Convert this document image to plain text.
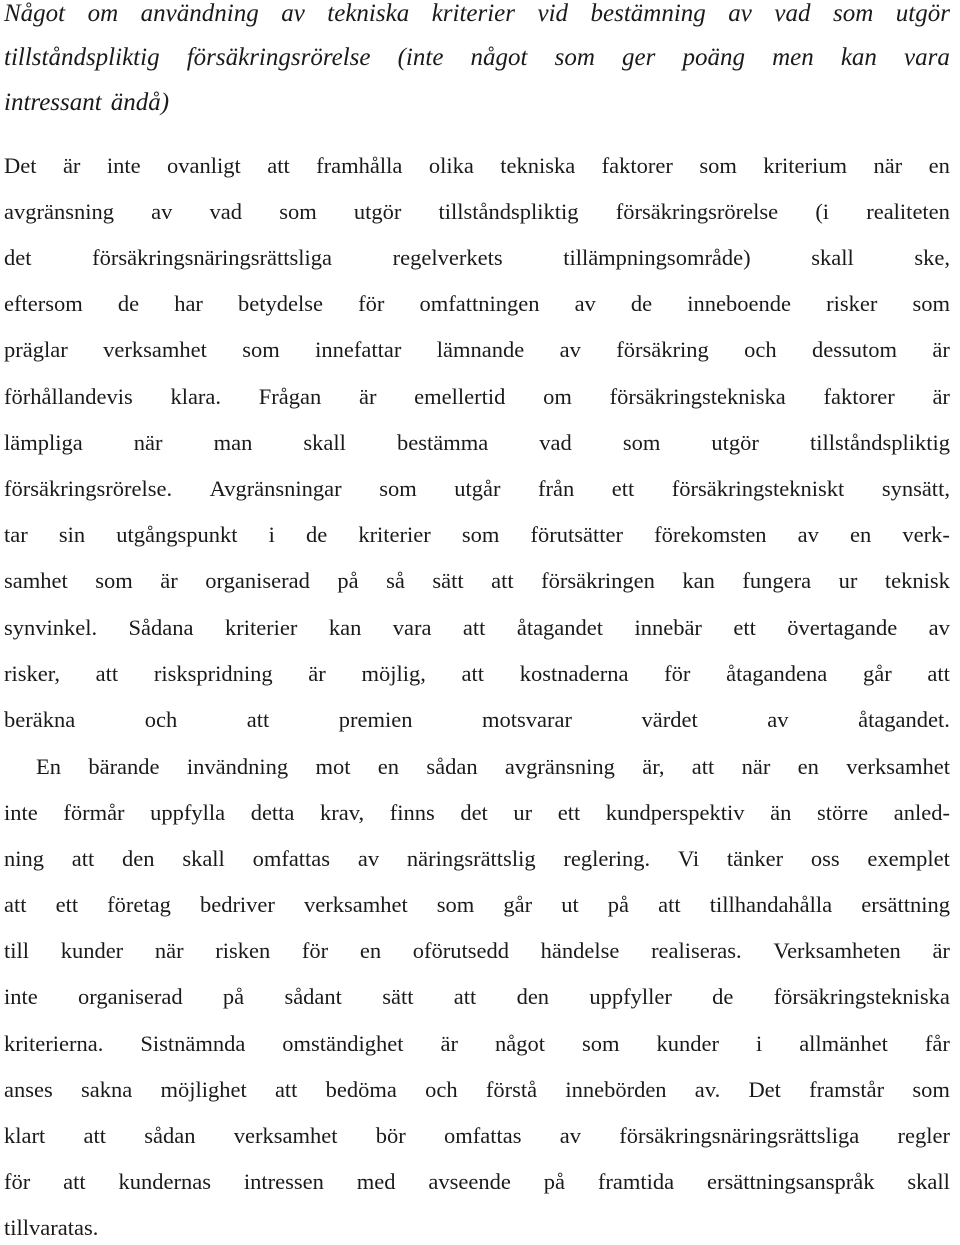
Något om användning av tekniska kriterier vid bestämning av vad som utgör
tillståndspliktig försäkringsrörelse (inte något som ger poäng men kan vara
intressant ändå)
Det är inte ovanligt att framhålla olika tekniska faktorer som kriterium när en
avgränsning av vad som utgör tillståndspliktig försäkringsrörelse (i realiteten
det	försäkringsnäringsrättsliga	regelverkets	tillämpningsområde)	skall	ske,
eftersom de har betydelse för omfattningen av de inneboende risker som
präglar verksamhet som innefattar lämnande av försäkring och dessutom är
förhållandevis klara. Frågan är emellertid om försäkringstekniska faktorer är
lämpliga när man skall bestämma vad som utgör tillståndspliktig
försäkringsrörelse. Avgränsningar som utgår från ett försäkringstekniskt synsätt,
tar sin utgångspunkt i de kriterier som förutsätter förekomsten av en verk-
samhet som är organiserad på så sätt att försäkringen kan fungera ur teknisk
synvinkel. Sådana kriterier kan vara att åtagandet innebär ett övertagande av
risker, att riskspridning är möjlig, att kostnaderna för åtagandena går att
beräkna	och	att	premien	motsvarar	värdet	av	åtagandet.
En bärande invändning mot en sådan avgränsning är, att när en verksamhet
inte förmår uppfylla detta krav, finns det ur ett kundperspektiv än större anled-
ning att den skall omfattas av näringsrättslig reglering. Vi tänker oss exemplet
att ett företag bedriver verksamhet som går ut på att tillhandahålla ersättning
till kunder när risken för en oförutsedd händelse realiseras. Verksamheten är
inte organiserad på sådant sätt att den uppfyller de försäkringstekniska
kriterierna. Sistnämnda omständighet är något som kunder i allmänhet får
anses sakna möjlighet att bedöma och förstå innebörden av. Det framstår som
klart att sådan verksamhet bör omfattas av försäkringsnäringsrättsliga regler
för att kundernas intressen med avseende på framtida ersättningsanspråk skall
tillvaratas.
